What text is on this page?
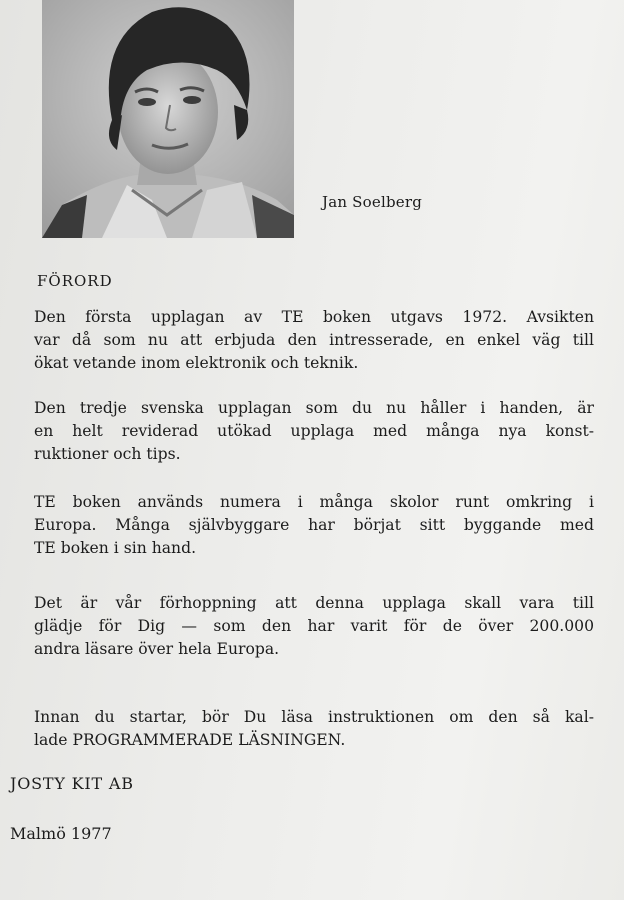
Jan Soelberg
FÖRORD
Den första upplagan av TE boken utgavs 1972. Avsikten
var då som nu att erbjuda den intresserade, en enkel väg till
ökat vetande inom elektronik och teknik.
Den tredje svenska upplagan som du nu håller i handen, är
en helt reviderad utökad upplaga med många nya konst-
ruktioner och tips.
TE boken används numera i många skolor runt omkring i
Europa. Många självbyggare har börjat sitt byggande med
TE boken i sin hand.
Det är vår förhoppning att denna upplaga skall vara till
glädje för Dig — som den har varit för de över 200.000
andra läsare över hela Europa.
Innan du startar, bör Du läsa instruktionen om den så kal-
lade PROGRAMMERADE LÄSNINGEN.
JOSTY KIT AB
Malmö 1977
